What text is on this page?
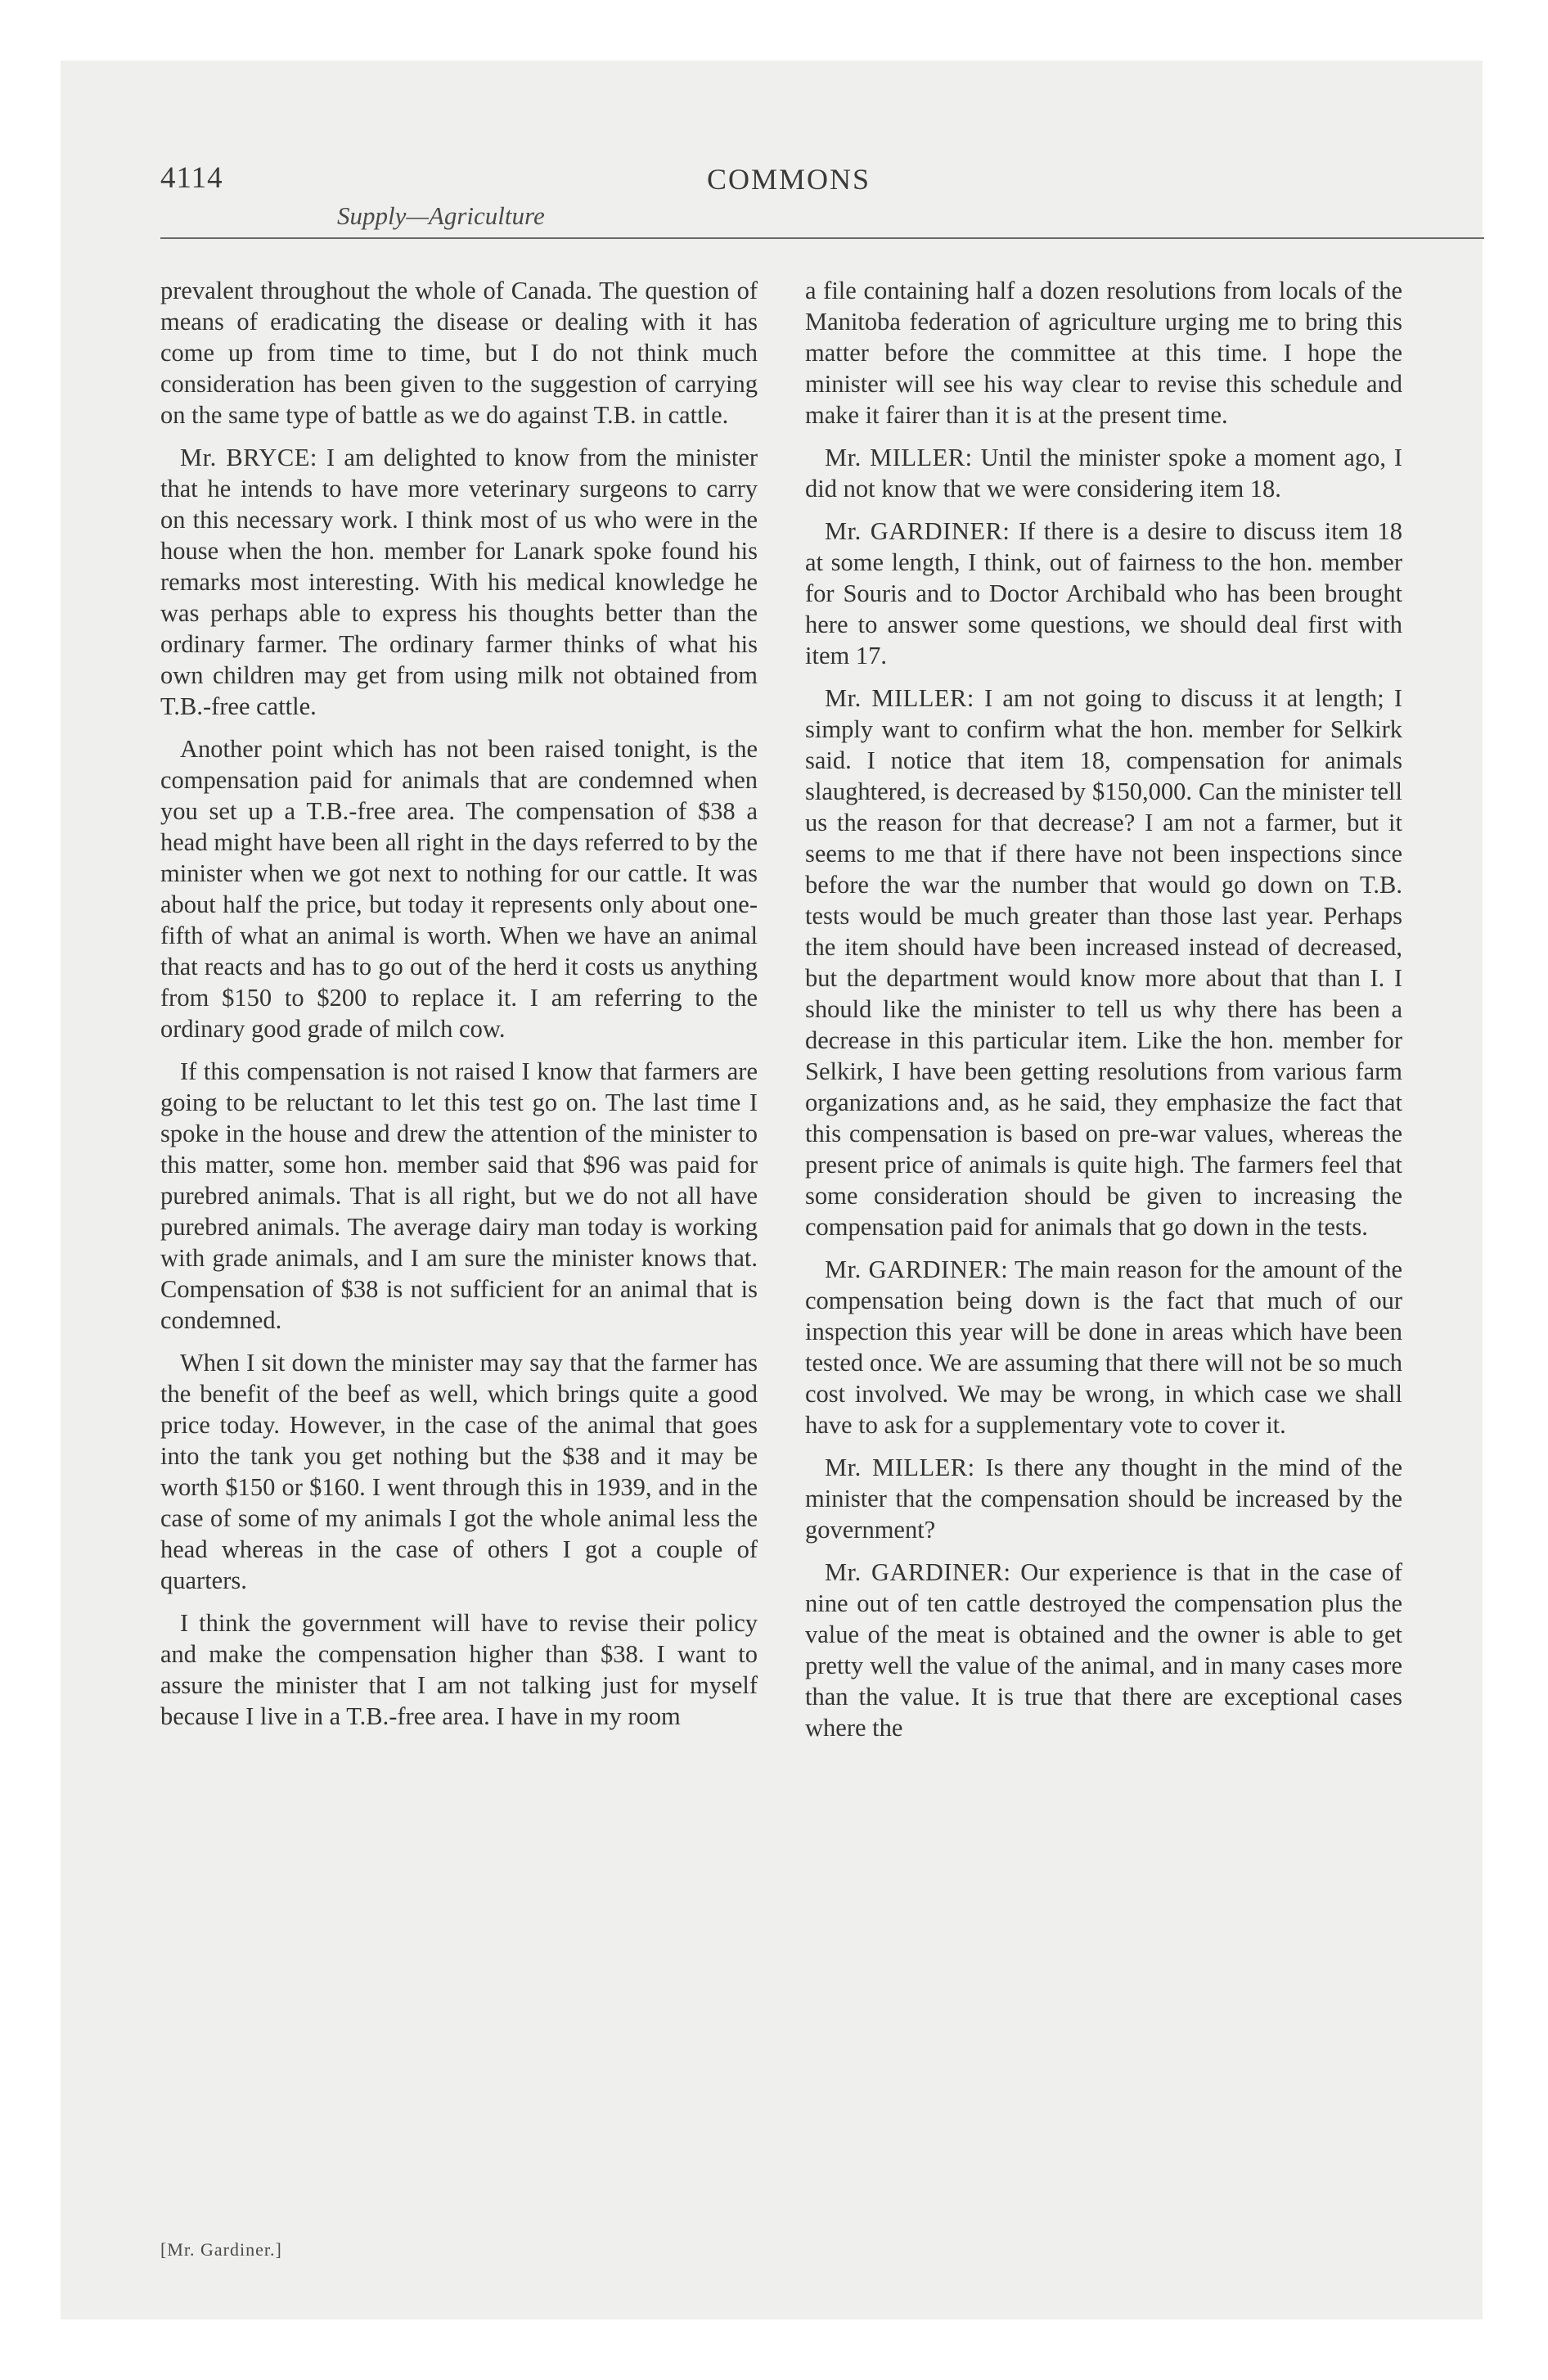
4114	COMMONS
Supply—Agriculture

prevalent throughout the whole of Canada. The question of means of eradicating the disease or dealing with it has come up from time to time, but I do not think much consideration has been given to the suggestion of carrying on the same type of battle as we do against T.B. in cattle.

Mr. BRYCE: I am delighted to know from the minister that he intends to have more veterinary surgeons to carry on this necessary work. I think most of us who were in the house when the hon. member for Lanark spoke found his remarks most interesting. With his medical knowledge he was perhaps able to express his thoughts better than the ordinary farmer. The ordinary farmer thinks of what his own children may get from using milk not obtained from T.B.-free cattle.

Another point which has not been raised tonight, is the compensation paid for animals that are condemned when you set up a T.B.-free area. The compensation of $38 a head might have been all right in the days referred to by the minister when we got next to nothing for our cattle. It was about half the price, but today it represents only about one-fifth of what an animal is worth. When we have an animal that reacts and has to go out of the herd it costs us anything from $150 to $200 to replace it. I am referring to the ordinary good grade of milch cow.

If this compensation is not raised I know that farmers are going to be reluctant to let this test go on. The last time I spoke in the house and drew the attention of the minister to this matter, some hon. member said that $96 was paid for purebred animals. That is all right, but we do not all have purebred animals. The average dairy man today is working with grade animals, and I am sure the minister knows that. Compensation of $38 is not sufficient for an animal that is condemned.

When I sit down the minister may say that the farmer has the benefit of the beef as well, which brings quite a good price today. However, in the case of the animal that goes into the tank you get nothing but the $38 and it may be worth $150 or $160. I went through this in 1939, and in the case of some of my animals I got the whole animal less the head whereas in the case of others I got a couple of quarters.

I think the government will have to revise their policy and make the compensation higher than $38. I want to assure the minister that I am not talking just for myself because I live in a T.B.-free area. I have in my room

a file containing half a dozen resolutions from locals of the Manitoba federation of agriculture urging me to bring this matter before the committee at this time. I hope the minister will see his way clear to revise this schedule and make it fairer than it is at the present time.

Mr. MILLER: Until the minister spoke a moment ago, I did not know that we were considering item 18.

Mr. GARDINER: If there is a desire to discuss item 18 at some length, I think, out of fairness to the hon. member for Souris and to Doctor Archibald who has been brought here to answer some questions, we should deal first with item 17.

Mr. MILLER: I am not going to discuss it at length; I simply want to confirm what the hon. member for Selkirk said. I notice that item 18, compensation for animals slaughtered, is decreased by $150,000. Can the minister tell us the reason for that decrease? I am not a farmer, but it seems to me that if there have not been inspections since before the war the number that would go down on T.B. tests would be much greater than those last year. Perhaps the item should have been increased instead of decreased, but the department would know more about that than I. I should like the minister to tell us why there has been a decrease in this particular item. Like the hon. member for Selkirk, I have been getting resolutions from various farm organizations and, as he said, they emphasize the fact that this compensation is based on pre-war values, whereas the present price of animals is quite high. The farmers feel that some consideration should be given to increasing the compensation paid for animals that go down in the tests.

Mr. GARDINER: The main reason for the amount of the compensation being down is the fact that much of our inspection this year will be done in areas which have been tested once. We are assuming that there will not be so much cost involved. We may be wrong, in which case we shall have to ask for a supplementary vote to cover it.

Mr. MILLER: Is there any thought in the mind of the minister that the compensation should be increased by the government?

Mr. GARDINER: Our experience is that in the case of nine out of ten cattle destroyed the compensation plus the value of the meat is obtained and the owner is able to get pretty well the value of the animal, and in many cases more than the value. It is true that there are exceptional cases where the

[Mr. Gardiner.]
